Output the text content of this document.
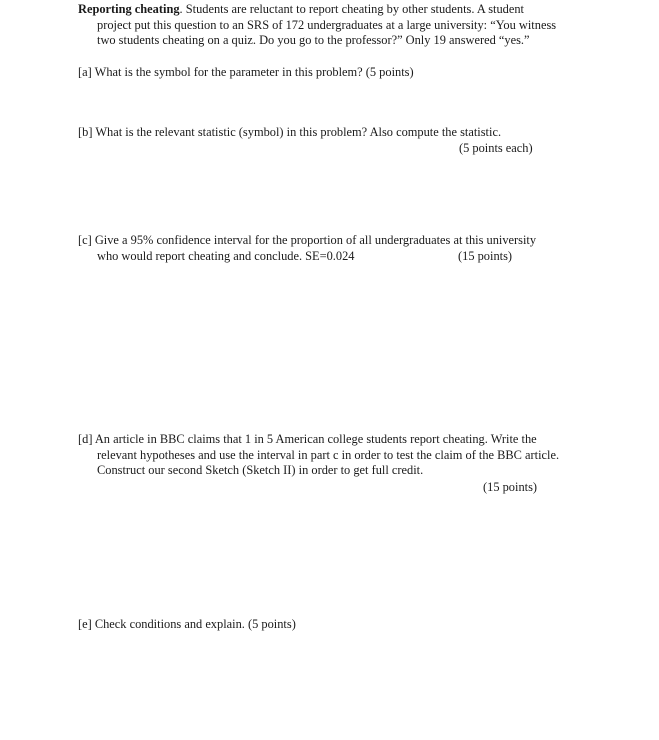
Reporting cheating. Students are reluctant to report cheating by other students. A student
project put this question to an SRS of 172 undergraduates at a large university: “You witness
two students cheating on a quiz. Do you go to the professor?” Only 19 answered “yes.”
[a] What is the symbol for the parameter in this problem? (5 points)
[b] What is the relevant statistic (symbol) in this problem? Also compute the statistic.
(5 points each)
[c] Give a 95% confidence interval for the proportion of all undergraduates at this university
who would report cheating and conclude. SE=0.024	(15 points)
[d] An article in BBC claims that 1 in 5 American college students report cheating. Write the
relevant hypotheses and use the interval in part c in order to test the claim of the BBC article.
Construct our second Sketch (Sketch II) in order to get full credit.
(15 points)
[e] Check conditions and explain. (5 points)
